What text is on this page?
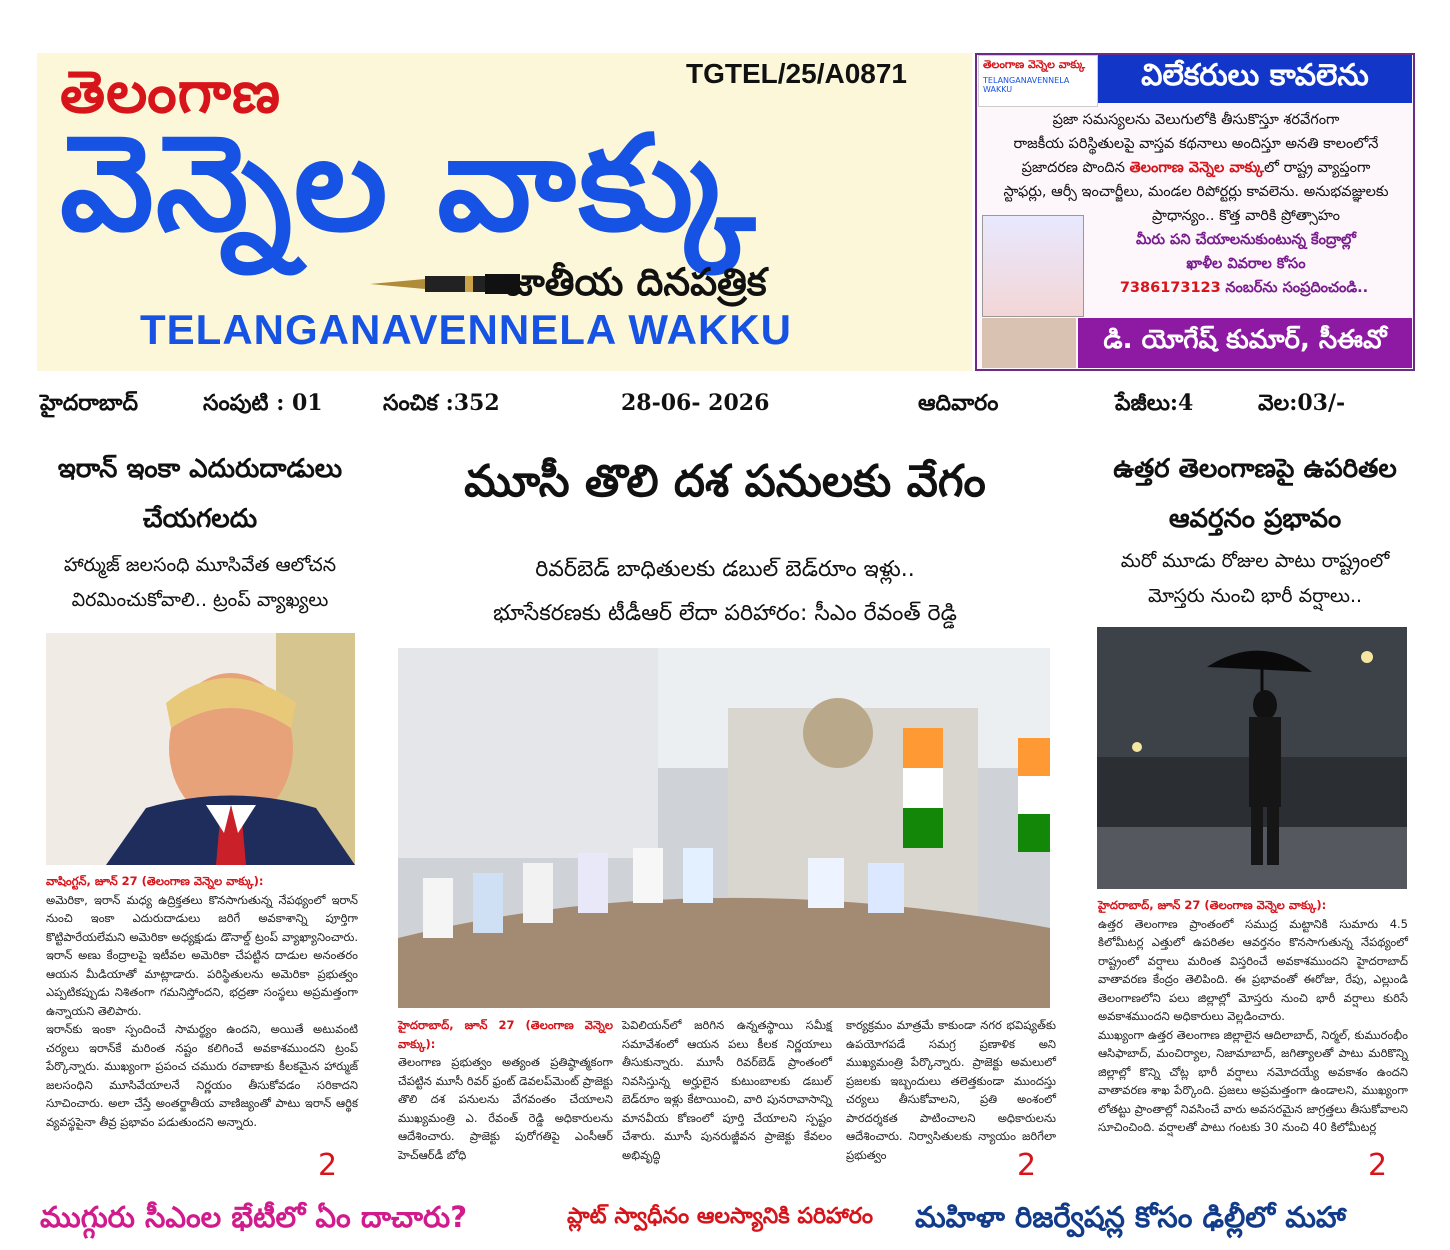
తెలంగాణ	TGTEL/25/A0871
వెన్నెల వాక్కు
జాతీయ దినపత్రిక
TELANGANAVENNELA WAKKU
తెలంగాణ వెన్నెల వాక్కు
TELANGANAVENNELA WAKKU	విలేకరులు కావలెను
ప్రజా సమస్యలను వెలుగులోకి తీసుకొస్తూ శరవేగంగా
రాజకీయ పరిస్థితులపై వాస్తవ కథనాలు అందిస్తూ అనతి కాలంలోనే
ప్రజాదరణ పొందిన తెలంగాణ వెన్నెల వాక్కులో రాష్ట్ర వ్యాప్తంగా
స్టాఫర్లు, ఆర్సీ ఇంచార్జీలు, మండల రిపోర్టర్లు కావలెను. అనుభవజ్ఞులకు
ప్రాధాన్యం.. కొత్త వారికి ప్రోత్సాహం
మీరు పని చేయాలనుకుంటున్న కేంద్రాల్లో
ఖాళీల వివరాల కోసం
7386173123 నంబర్‌ను సంప్రదించండి..
డి. యోగేష్ కుమార్, సీఈవో
హైదరాబాద్	సంపుటి : 01	సంచిక :352	28-06- 2026	ఆదివారం	పేజీలు:4	వెల:03/-
ఇరాన్ ఇంకా ఎదురుదాడులు చేయగలదు
హార్ముజ్ జలసంధి మూసివేత ఆలోచన విరమించుకోవాలి.. ట్రంప్ వ్యాఖ్యలు
వాషింగ్టన్, జూన్ 27 (తెలంగాణ వెన్నెల వాక్కు):
అమెరికా, ఇరాన్ మధ్య ఉద్రిక్తతలు కొనసాగుతున్న నేపథ్యంలో ఇరాన్ నుంచి ఇంకా ఎదురుదాడులు జరిగే అవకాశాన్ని పూర్తిగా కొట్టిపారేయలేమని అమెరికా అధ్యక్షుడు డొనాల్డ్ ట్రంప్ వ్యాఖ్యానించారు. ఇరాన్ అణు కేంద్రాలపై ఇటీవల అమెరికా చేపట్టిన దాడుల అనంతరం ఆయన మీడియాతో మాట్లాడారు. పరిస్థితులను అమెరికా ప్రభుత్వం ఎప్పటికప్పుడు నిశితంగా గమనిస్తోందని, భద్రతా సంస్థలు అప్రమత్తంగా ఉన్నాయని తెలిపారు.
ఇరాన్‌కు ఇంకా స్పందించే సామర్థ్యం ఉందని, అయితే అటువంటి చర్యలు ఇరాన్‌కే మరింత నష్టం కలిగించే అవకాశముందని ట్రంప్ పేర్కొన్నారు. ముఖ్యంగా ప్రపంచ చమురు రవాణాకు కీలకమైన హార్ముజ్ జలసంధిని మూసివేయాలనే నిర్ణయం తీసుకోవడం సరికాదని సూచించారు. అలా చేస్తే అంతర్జాతీయ వాణిజ్యంతో పాటు ఇరాన్ ఆర్థిక వ్యవస్థపైనా తీవ్ర ప్రభావం పడుతుందని అన్నారు.
2
మూసీ తొలి దశ పనులకు వేగం
రివర్‌బెడ్ బాధితులకు డబుల్ బెడ్‌రూం ఇళ్లు..
భూసేకరణకు టీడీఆర్ లేదా పరిహారం: సీఎం రేవంత్ రెడ్డి
హైదరాబాద్, జూన్ 27 (తెలంగాణ వెన్నెల వాక్కు):
తెలంగాణ ప్రభుత్వం అత్యంత ప్రతిష్ఠాత్మకంగా చేపట్టిన మూసీ రివర్ ఫ్రంట్ డెవలప్‌మెంట్ ప్రాజెక్టు తొలి దశ పనులను వేగవంతం చేయాలని ముఖ్యమంత్రి ఎ. రేవంత్ రెడ్డి అధికారులను ఆదేశించారు. ప్రాజెక్టు పురోగతిపై ఎంసీఆర్ హెచ్ఆర్‌డీ బోధి
పెవిలియన్‌లో జరిగిన ఉన్నతస్థాయి సమీక్ష సమావేశంలో ఆయన పలు కీలక నిర్ణయాలు తీసుకున్నారు. మూసీ రివర్‌బెడ్ ప్రాంతంలో నివసిస్తున్న అర్హులైన కుటుంబాలకు డబుల్ బెడ్‌రూం ఇళ్లు కేటాయించి, వారి పునరావాసాన్ని మానవీయ కోణంలో పూర్తి చేయాలని స్పష్టం చేశారు. మూసీ పునరుజ్జీవన ప్రాజెక్టు కేవలం అభివృద్ధి
కార్యక్రమం మాత్రమే కాకుండా నగర భవిష్యత్‌కు ఉపయోగపడే సమగ్ర ప్రణాళిక అని ముఖ్యమంత్రి పేర్కొన్నారు. ప్రాజెక్టు అమలులో ప్రజలకు ఇబ్బందులు తలెత్తకుండా ముందస్తు చర్యలు తీసుకోవాలని, ప్రతి అంశంలో పారదర్శకత పాటించాలని అధికారులను ఆదేశించారు. నిర్వాసితులకు న్యాయం జరిగేలా ప్రభుత్వం	2
ఉత్తర తెలంగాణపై ఉపరితల ఆవర్తనం ప్రభావం
మరో మూడు రోజుల పాటు రాష్ట్రంలో మోస్తరు నుంచి భారీ వర్షాలు..
హైదరాబాద్, జూన్ 27 (తెలంగాణ వెన్నెల వాక్కు):
ఉత్తర తెలంగాణ ప్రాంతంలో సముద్ర మట్టానికి సుమారు 4.5 కిలోమీటర్ల ఎత్తులో ఉపరితల ఆవర్తనం కొనసాగుతున్న నేపథ్యంలో రాష్ట్రంలో వర్షాలు మరింత విస్తరించే అవకాశముందని హైదరాబాద్ వాతావరణ కేంద్రం తెలిపింది. ఈ ప్రభావంతో ఈరోజు, రేపు, ఎల్లుండి తెలంగాణలోని పలు జిల్లాల్లో మోస్తరు నుంచి భారీ వర్షాలు కురిసే అవకాశముందని అధికారులు వెల్లడించారు.
ముఖ్యంగా ఉత్తర తెలంగాణ జిల్లాలైన ఆదిలాబాద్, నిర్మల్, కుమురంభీం ఆసిఫాబాద్, మంచిర్యాల, నిజామాబాద్, జగిత్యాలతో పాటు మరికొన్ని జిల్లాల్లో కొన్ని చోట్ల భారీ వర్షాలు నమోదయ్యే అవకాశం ఉందని వాతావరణ శాఖ పేర్కొంది. ప్రజలు అప్రమత్తంగా ఉండాలని, ముఖ్యంగా లోతట్టు ప్రాంతాల్లో నివసించే వారు అవసరమైన జాగ్రత్తలు తీసుకోవాలని సూచించింది. వర్షాలతో పాటు గంటకు 30 నుంచి 40 కిలోమీటర్ల
2
ముగ్గురు సీఎంల భేటీలో ఏం దాచారు?	ప్లాట్ స్వాధీనం ఆలస్యానికి పరిహారం మహిళా రిజర్వేషన్ల కోసం ఢిల్లీలో మహా
